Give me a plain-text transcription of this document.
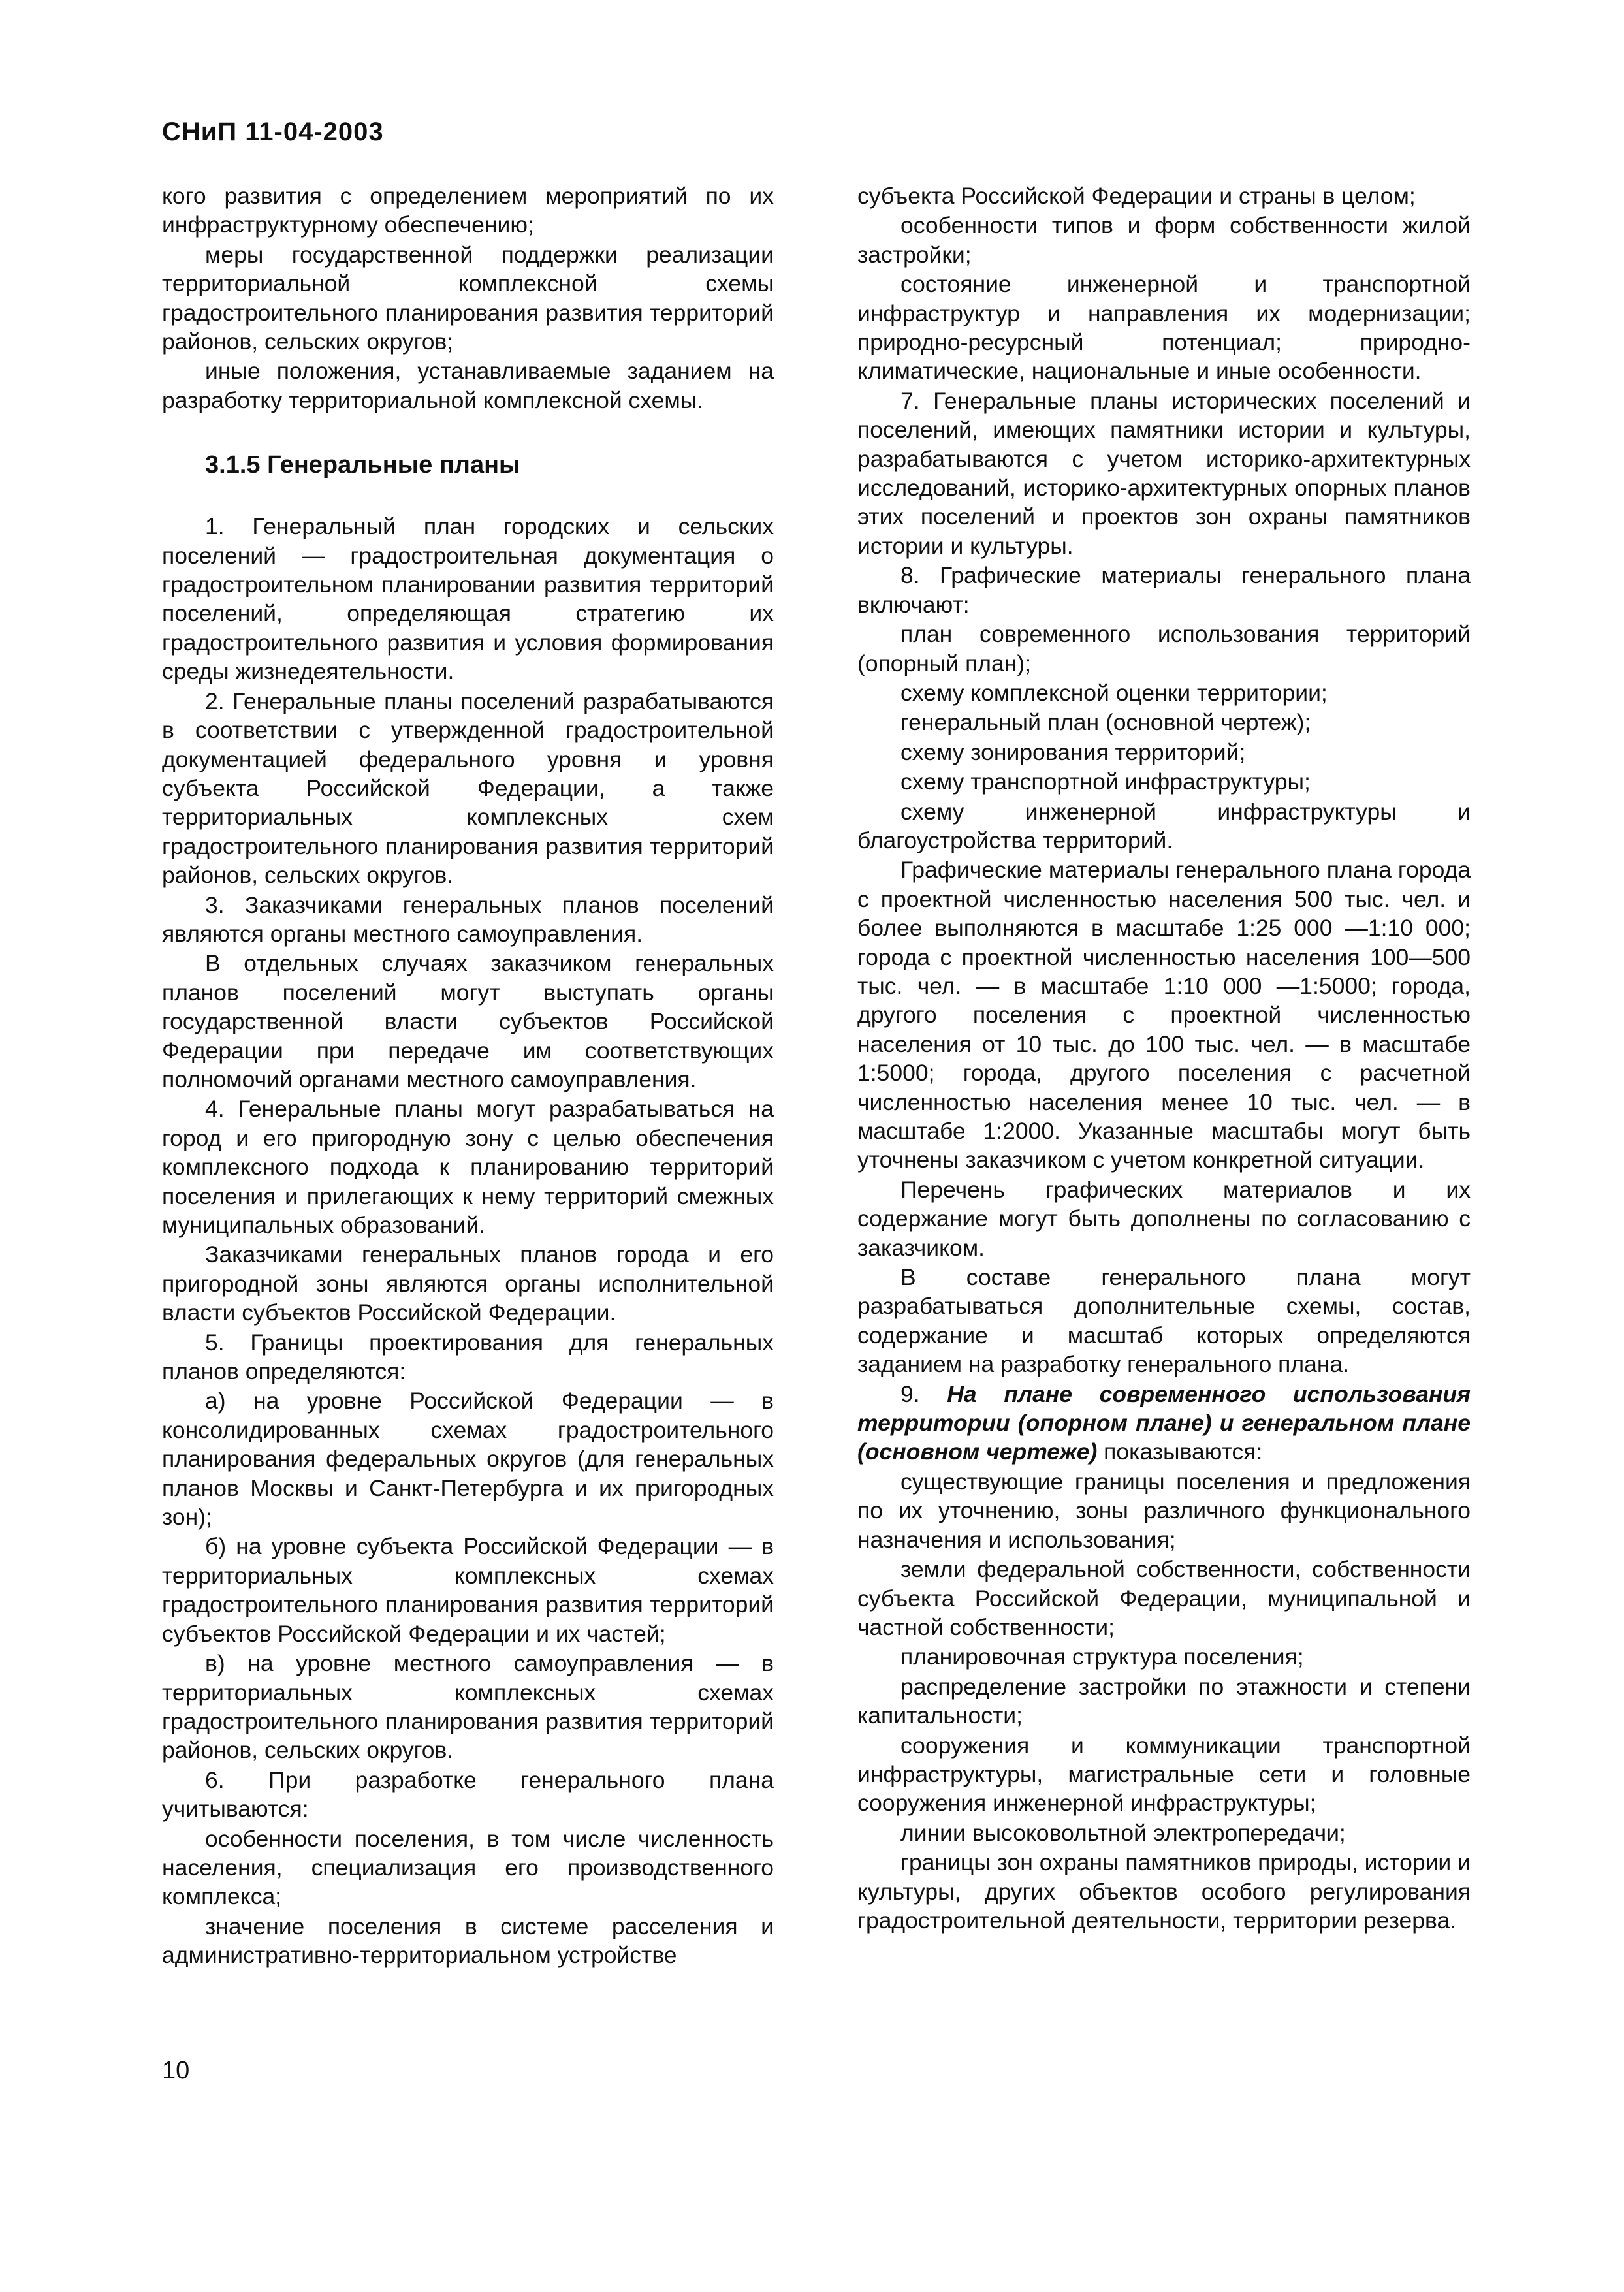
СНиП 11-04-2003

кого развития с определением мероприятий по их инфраструктурному обеспечению;

меры государственной поддержки реализации территориальной комплексной схемы градостроительного планирования развития территорий районов, сельских округов;

иные положения, устанавливаемые заданием на разработку территориальной комплексной схемы.

3.1.5 Генеральные планы

1. Генеральный план городских и сельских поселений — градостроительная документация о градостроительном планировании развития территорий поселений, определяющая стратегию их градостроительного развития и условия формирования среды жизнедеятельности.

2. Генеральные планы поселений разрабатываются в соответствии с утвержденной градостроительной документацией федерального уровня и уровня субъекта Российской Федерации, а также территориальных комплексных схем градостроительного планирования развития территорий районов, сельских округов.

3. Заказчиками генеральных планов поселений являются органы местного самоуправления.

В отдельных случаях заказчиком генеральных планов поселений могут выступать органы государственной власти субъектов Российской Федерации при передаче им соответствующих полномочий органами местного самоуправления.

4. Генеральные планы могут разрабатываться на город и его пригородную зону с целью обеспечения комплексного подхода к планированию территорий поселения и прилегающих к нему территорий смежных муниципальных образований.

Заказчиками генеральных планов города и его пригородной зоны являются органы исполнительной власти субъектов Российской Федерации.

5. Границы проектирования для генеральных планов определяются:

а) на уровне Российской Федерации — в консолидированных схемах градостроительного планирования федеральных округов (для генеральных планов Москвы и Санкт-Петербурга и их пригородных зон);

б) на уровне субъекта Российской Федерации — в территориальных комплексных схемах градостроительного планирования развития территорий субъектов Российской Федерации и их частей;

в) на уровне местного самоуправления — в территориальных комплексных схемах градостроительного планирования развития территорий районов, сельских округов.

6. При разработке генерального плана учитываются:

особенности поселения, в том числе численность населения, специализация его производственного комплекса;

значение поселения в системе расселения и административно-территориальном устройстве

субъекта Российской Федерации и страны в целом;

особенности типов и форм собственности жилой застройки;

состояние инженерной и транспортной инфраструктур и направления их модернизации; природно-ресурсный потенциал; природно-климатические, национальные и иные особенности.

7. Генеральные планы исторических поселений и поселений, имеющих памятники истории и культуры, разрабатываются с учетом историко-архитектурных исследований, историко-архитектурных опорных планов этих поселений и проектов зон охраны памятников истории и культуры.

8. Графические материалы генерального плана включают:

план современного использования территорий (опорный план);

схему комплексной оценки территории;

генеральный план (основной чертеж);

схему зонирования территорий;

схему транспортной инфраструктуры;

схему инженерной инфраструктуры и благоустройства территорий.

Графические материалы генерального плана города с проектной численностью населения 500 тыс. чел. и более выполняются в масштабе 1:25 000 —1:10 000; города с проектной численностью населения 100—500 тыс. чел. — в масштабе 1:10 000 —1:5000; города, другого поселения с проектной численностью населения от 10 тыс. до 100 тыс. чел. — в масштабе 1:5000; города, другого поселения с расчетной численностью населения менее 10 тыс. чел. — в масштабе 1:2000. Указанные масштабы могут быть уточнены заказчиком с учетом конкретной ситуации.

Перечень графических материалов и их содержание могут быть дополнены по согласованию с заказчиком.

В составе генерального плана могут разрабатываться дополнительные схемы, состав, содержание и масштаб которых определяются заданием на разработку генерального плана.

9. На плане современного использования территории (опорном плане) и генеральном плане (основном чертеже) показываются:

существующие границы поселения и предложения по их уточнению, зоны различного функционального назначения и использования;

земли федеральной собственности, собственности субъекта Российской Федерации, муниципальной и частной собственности;

планировочная структура поселения;

распределение застройки по этажности и степени капитальности;

сооружения и коммуникации транспортной инфраструктуры, магистральные сети и головные сооружения инженерной инфраструктуры;

линии высоковольтной электропередачи;

границы зон охраны памятников природы, истории и культуры, других объектов особого регулирования градостроительной деятельности, территории резерва.

10
